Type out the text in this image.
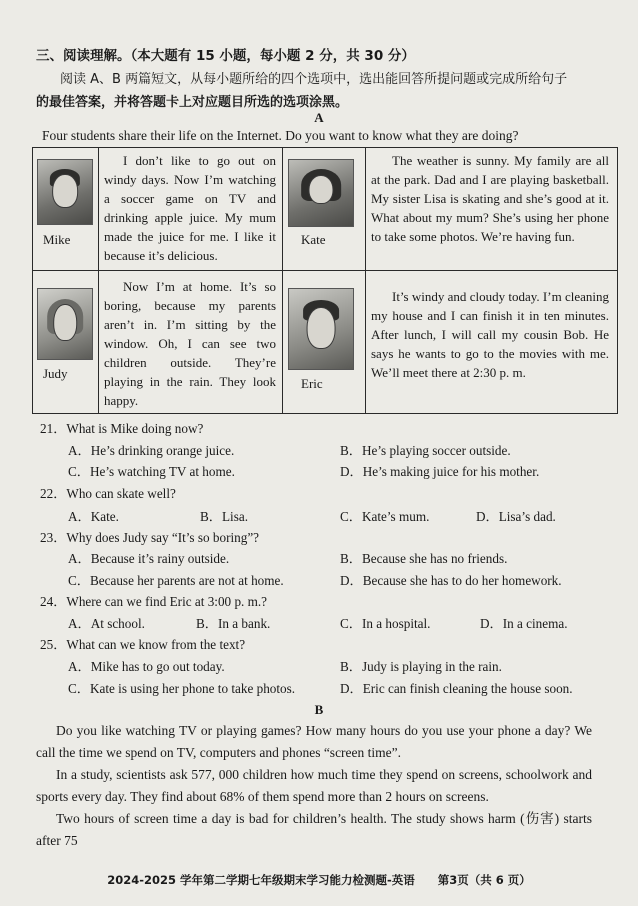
三、阅读理解。（本大题有 15 小题，每小题 2 分，共 30 分）
阅读 A、B 两篇短文，从每小题所给的四个选项中，选出能回答所提问题或完成所给句子
的最佳答案，并将答题卡上对应题目所选的选项涂黑。
A
Four students share their life on the Internet. Do you want to know what they are doing?
Mike
I don’t like to go out on windy days. Now I’m watching a soccer game on TV and drinking apple juice. My mum made the juice for me. I like it because it’s delicious.
Kate
The weather is sunny. My family are all at the park. Dad and I are playing basketball. My sister Lisa is skating and she’s good at it. What about my mum? She’s using her phone to take some photos. We’re having fun.
Judy
Now I’m at home. It’s so boring, because my parents aren’t in. I’m sitting by the window. Oh, I can see two children outside. They’re playing in the rain. They look happy.
Eric
It’s windy and cloudy today. I’m cleaning my house and I can finish it in ten minutes. After lunch, I will call my cousin Bob. He says he wants to go to the movies with me. We’ll meet there at 2:30 p. m.
21．What is Mike doing now?
A．He’s drinking orange juice.	B．He’s playing soccer outside.
C．He’s watching TV at home.	D．He’s making juice for his mother.
22．Who can skate well?
A．Kate.	B．Lisa.	C．Kate’s mum.	D．Lisa’s dad.
23．Why does Judy say “It’s so boring”?
A．Because it’s rainy outside.	B．Because she has no friends.
C．Because her parents are not at home.	D．Because she has to do her homework.
24．Where can we find Eric at 3:00 p. m.?
A．At school.	B．In a bank.	C．In a hospital.	D．In a cinema.
25．What can we know from the text?
A．Mike has to go out today.	B．Judy is playing in the rain.
C．Kate is using her phone to take photos.	D．Eric can finish cleaning the house soon.
B
Do you like watching TV or playing games? How many hours do you use your phone a day? We call the time we spend on TV, computers and phones “screen time”.
In a study, scientists ask 577, 000 children how much time they spend on screens, schoolwork and sports every day. They find about 68% of them spend more than 2 hours on screens.
Two hours of screen time a day is bad for children’s health. The study shows harm (伤害) starts after 75
2024-2025 学年第二学期七年级期末学习能力检测题-英语　　第3页（共 6 页）
